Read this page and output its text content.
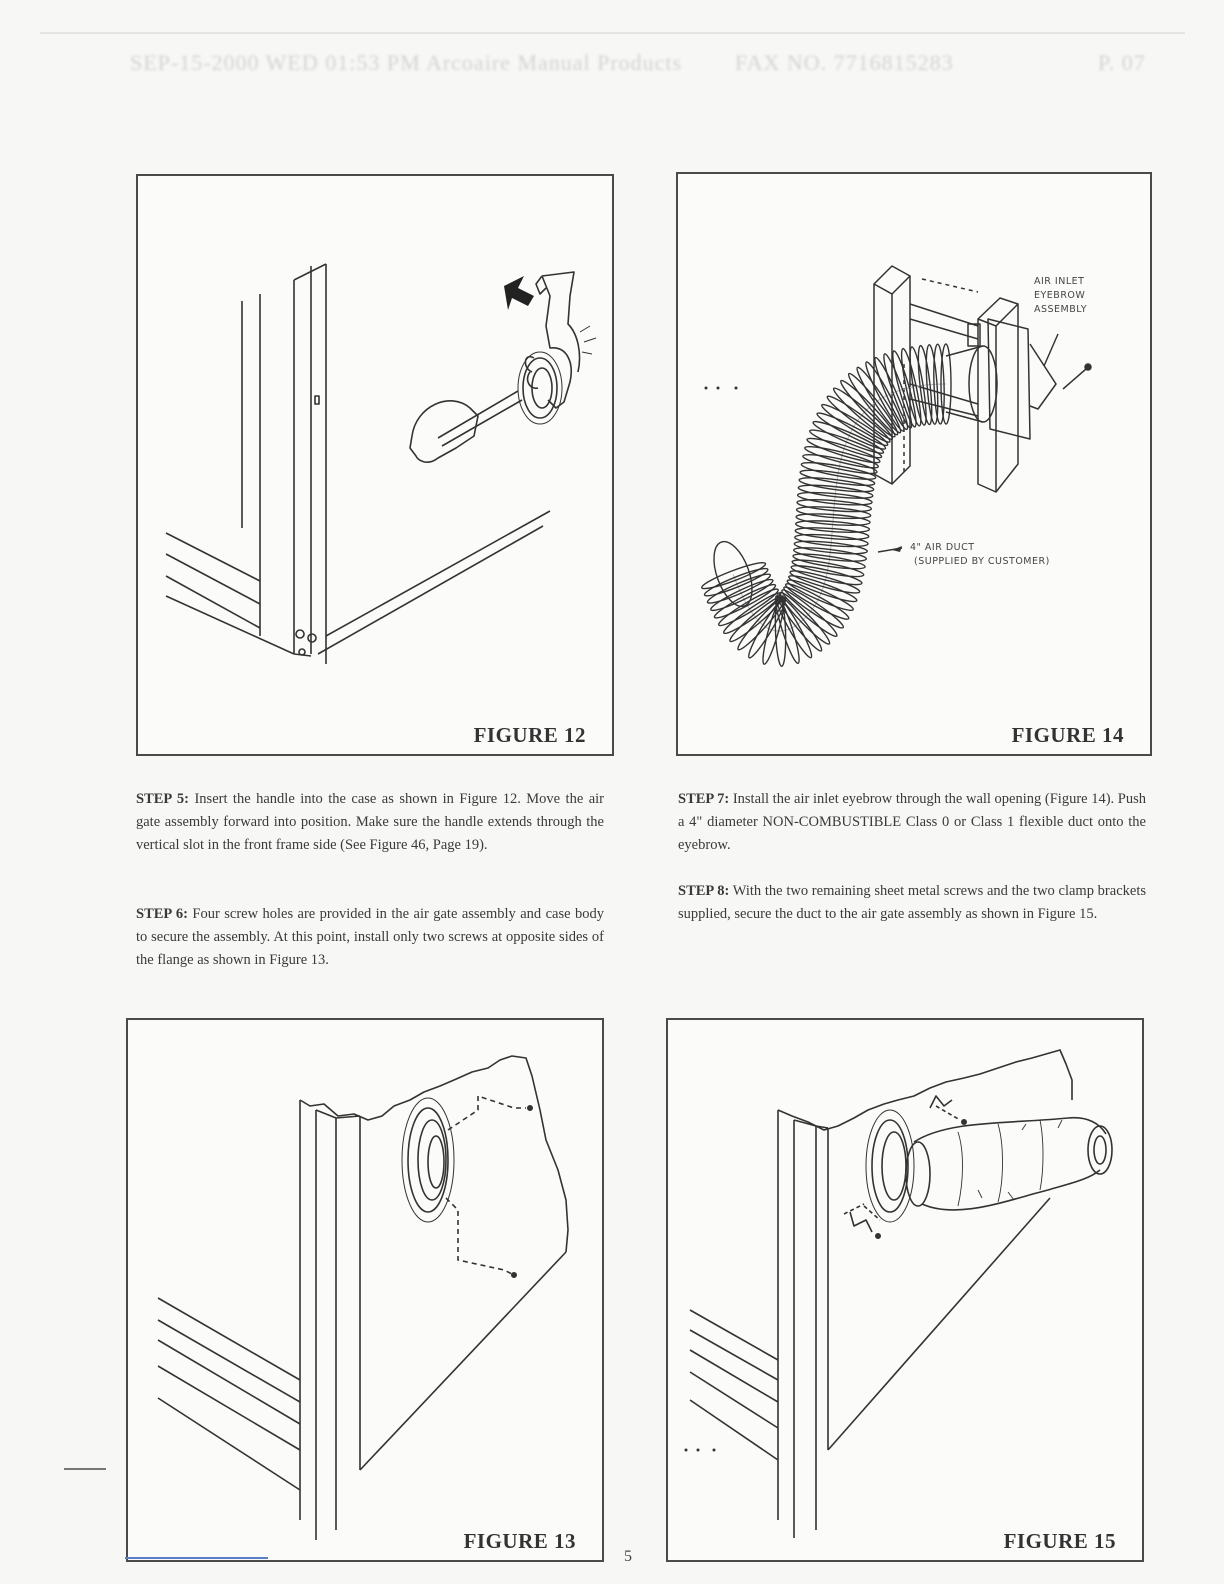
SEP-15-2000 WED 01:53 PM Arcoaire Manual Products FAX NO. 7716815283	P. 07
FIGURE 12
AIR INLET
EYEBROW
ASSEMBLY
4" AIR DUCT
(SUPPLIED BY CUSTOMER)
FIGURE 14
STEP 5: Insert the handle into the case as shown in Figure 12. Move the air gate assembly forward into position. Make sure the handle extends through the vertical slot in the front frame side (See Figure 46, Page 19).
STEP 6: Four screw holes are provided in the air gate assembly and case body to secure the assembly. At this point, install only two screws at opposite sides of the flange as shown in Figure 13.
STEP 7: Install the air inlet eyebrow through the wall opening (Figure 14). Push a 4" diameter NON-COMBUSTIBLE Class 0 or Class 1 flexible duct onto the eyebrow.
STEP 8: With the two remaining sheet metal screws and the two clamp brackets supplied, secure the duct to the air gate assembly as shown in Figure 15.
FIGURE 13	FIGURE 15
5
